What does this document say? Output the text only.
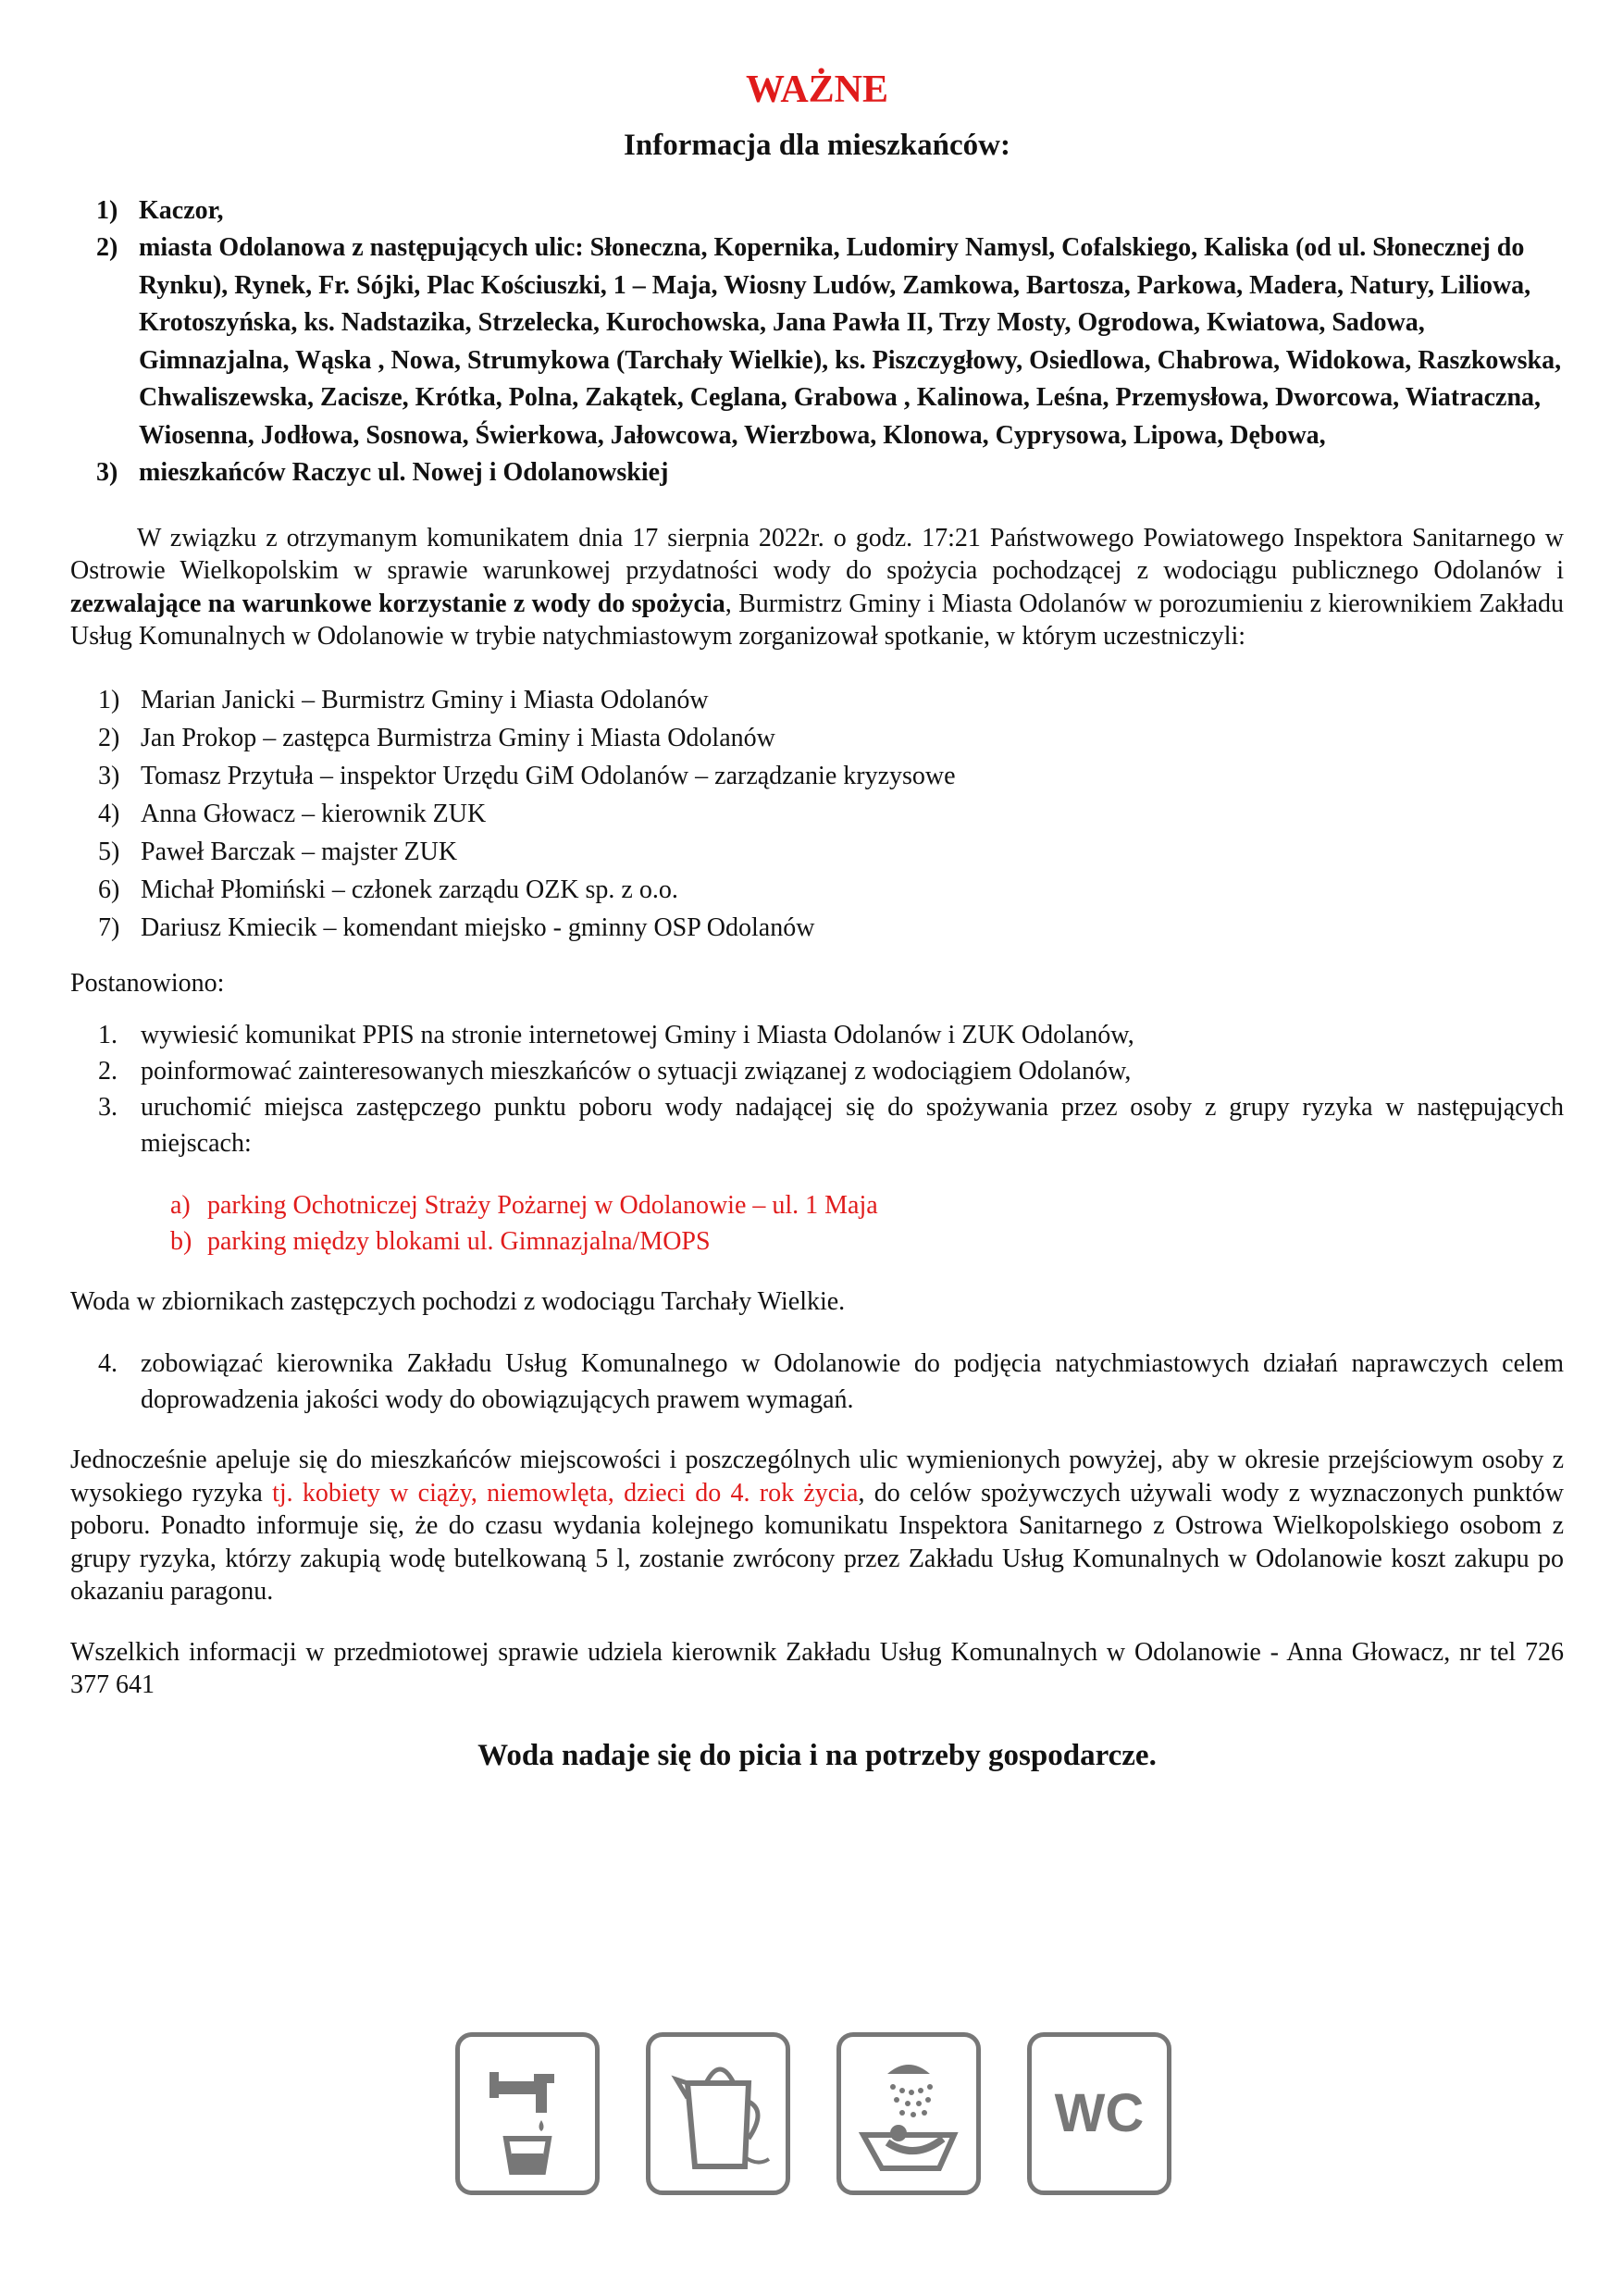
WAŻNE
Informacja dla mieszkańców:
1) Kaczor,
2) miasta Odolanowa z następujących ulic: Słoneczna, Kopernika, Ludomiry Namysl, Cofalskiego, Kaliska (od ul. Słonecznej do Rynku), Rynek, Fr. Sójki, Plac Kościuszki, 1 – Maja, Wiosny Ludów, Zamkowa, Bartosza, Parkowa, Madera, Natury, Liliowa, Krotoszyńska, ks. Nadstazika, Strzelecka, Kurochowska, Jana Pawła II, Trzy Mosty, Ogrodowa, Kwiatowa, Sadowa, Gimnazjalna, Wąska , Nowa, Strumykowa (Tarchały Wielkie), ks. Piszczygłowy, Osiedlowa, Chabrowa, Widokowa, Raszkowska, Chwaliszewska, Zacisze, Krótka, Polna, Zakątek, Ceglana, Grabowa , Kalinowa, Leśna, Przemysłowa, Dworcowa, Wiatraczna, Wiosenna, Jodłowa, Sosnowa, Świerkowa, Jałowcowa, Wierzbowa, Klonowa, Cyprysowa, Lipowa, Dębowa,
3) mieszkańców Raczyc ul. Nowej i Odolanowskiej

W związku z otrzymanym komunikatem dnia 17 sierpnia 2022r. o godz. 17:21 Państwowego Powiatowego Inspektora Sanitarnego w Ostrowie Wielkopolskim w sprawie warunkowej przydatności wody do spożycia pochodzącej z wodociągu publicznego Odolanów i zezwalające na warunkowe korzystanie z wody do spożycia, Burmistrz Gminy i Miasta Odolanów w porozumieniu z kierownikiem Zakładu Usług Komunalnych w Odolanowie w trybie natychmiastowym zorganizował spotkanie, w którym uczestniczyli:

1) Marian Janicki – Burmistrz Gminy i Miasta Odolanów
2) Jan Prokop – zastępca Burmistrza Gminy i Miasta Odolanów
3) Tomasz Przytuła – inspektor Urzędu GiM Odolanów – zarządzanie kryzysowe
4) Anna Głowacz – kierownik ZUK
5) Paweł Barczak – majster ZUK
6) Michał Płomiński – członek zarządu OZK sp. z o.o.
7) Dariusz Kmiecik – komendant miejsko - gminny OSP Odolanów
Postanowiono:
1. wywiesić komunikat PPIS na stronie internetowej Gminy i Miasta Odolanów i ZUK Odolanów,
2. poinformować zainteresowanych mieszkańców o sytuacji związanej z wodociągiem Odolanów,
3. uruchomić miejsca zastępczego punktu poboru wody nadającej się do spożywania przez osoby z grupy ryzyka w następujących miejscach:
a) parking Ochotniczej Straży Pożarnej w Odolanowie – ul. 1 Maja
b) parking między blokami ul. Gimnazjalna/MOPS

Woda w zbiornikach zastępczych pochodzi z wodociągu Tarchały Wielkie.

4. zobowiązać kierownika Zakładu Usług Komunalnego w Odolanowie do podjęcia natychmiastowych działań naprawczych celem doprowadzenia jakości wody do obowiązujących prawem wymagań.

Jednocześnie apeluje się do mieszkańców miejscowości i poszczególnych ulic wymienionych powyżej, aby w okresie przejściowym osoby z wysokiego ryzyka tj. kobiety w ciąży, niemowlęta, dzieci do 4. rok życia, do celów spożywczych używali wody z wyznaczonych punktów poboru. Ponadto informuje się, że do czasu wydania kolejnego komunikatu Inspektora Sanitarnego z Ostrowa Wielkopolskiego osobom z grupy ryzyka, którzy zakupią wodę butelkowaną 5 l, zostanie zwrócony przez Zakładu Usług Komunalnych w Odolanowie koszt zakupu po okazaniu paragonu.

Wszelkich informacji w przedmiotowej sprawie udziela kierownik Zakładu Usług Komunalnych w Odolanowie - Anna Głowacz, nr tel 726 377 641

Woda nadaje się do picia i na potrzeby gospodarcze.
WC
